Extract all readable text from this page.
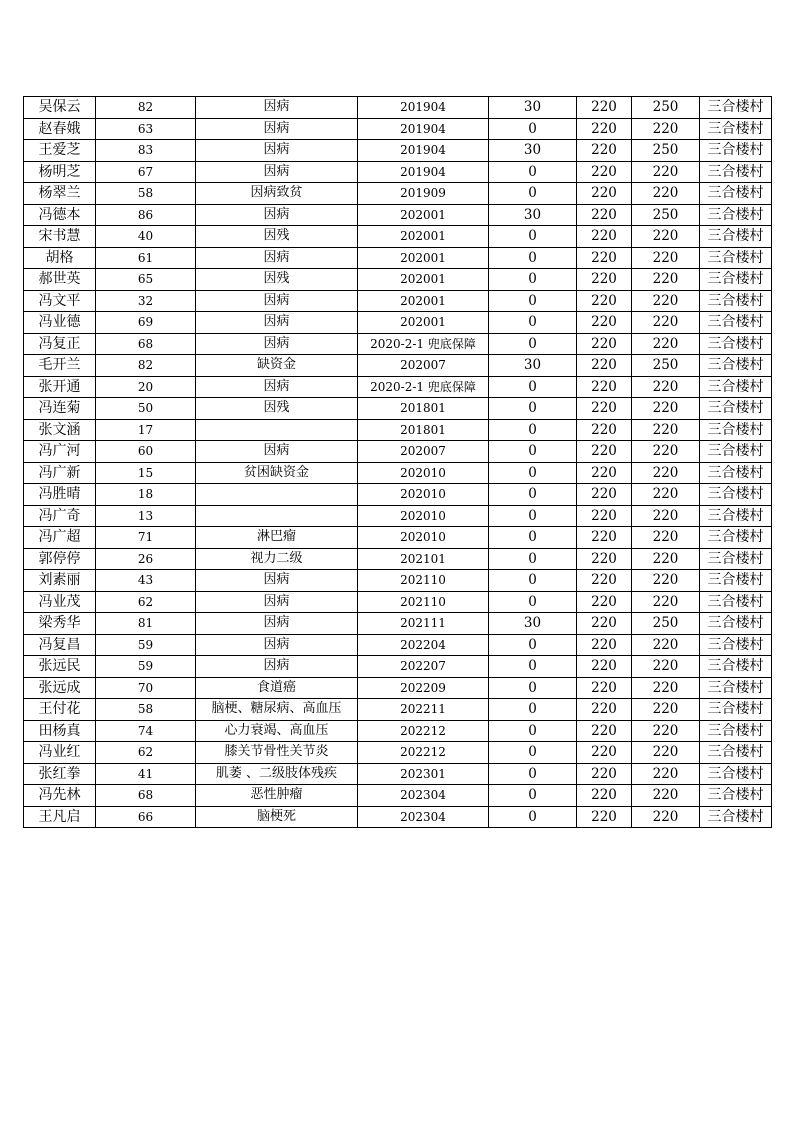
吴保云	82	因病	201904	30	220	250	三合楼村
赵春娥	63	因病	201904	0	220	220	三合楼村
王爱芝	83	因病	201904	30	220	250	三合楼村
杨明芝	67	因病	201904	0	220	220	三合楼村
杨翠兰	58	因病致贫	201909	0	220	220	三合楼村
冯德本	86	因病	202001	30	220	250	三合楼村
宋书慧	40	因残	202001	0	220	220	三合楼村
胡格	61	因病	202001	0	220	220	三合楼村
郝世英	65	因残	202001	0	220	220	三合楼村
冯文平	32	因病	202001	0	220	220	三合楼村
冯业德	69	因病	202001	0	220	220	三合楼村
冯复正	68	因病	2020-2-1 兜底保障	0	220	220	三合楼村
毛开兰	82	缺资金	202007	30	220	250	三合楼村
张开通	20	因病	2020-2-1 兜底保障	0	220	220	三合楼村
冯连菊	50	因残	201801	0	220	220	三合楼村
张文涵	17		201801	0	220	220	三合楼村
冯广河	60	因病	202007	0	220	220	三合楼村
冯广新	15	贫困缺资金	202010	0	220	220	三合楼村
冯胜晴	18		202010	0	220	220	三合楼村
冯广奇	13		202010	0	220	220	三合楼村
冯广超	71	淋巴瘤	202010	0	220	220	三合楼村
郭停停	26	视力二级	202101	0	220	220	三合楼村
刘素丽	43	因病	202110	0	220	220	三合楼村
冯业茂	62	因病	202110	0	220	220	三合楼村
梁秀华	81	因病	202111	30	220	250	三合楼村
冯复昌	59	因病	202204	0	220	220	三合楼村
张远民	59	因病	202207	0	220	220	三合楼村
张远成	70	食道癌	202209	0	220	220	三合楼村
王付花	58	脑梗、糖尿病、高血压	202211	0	220	220	三合楼村
田杨真	74	心力衰竭、高血压	202212	0	220	220	三合楼村
冯业红	62	膝关节骨性关节炎	202212	0	220	220	三合楼村
张红拳	41	肌萎 、二级肢体残疾	202301	0	220	220	三合楼村
冯先林	68	恶性肿瘤	202304	0	220	220	三合楼村
王凡启	66	脑梗死	202304	0	220	220	三合楼村
